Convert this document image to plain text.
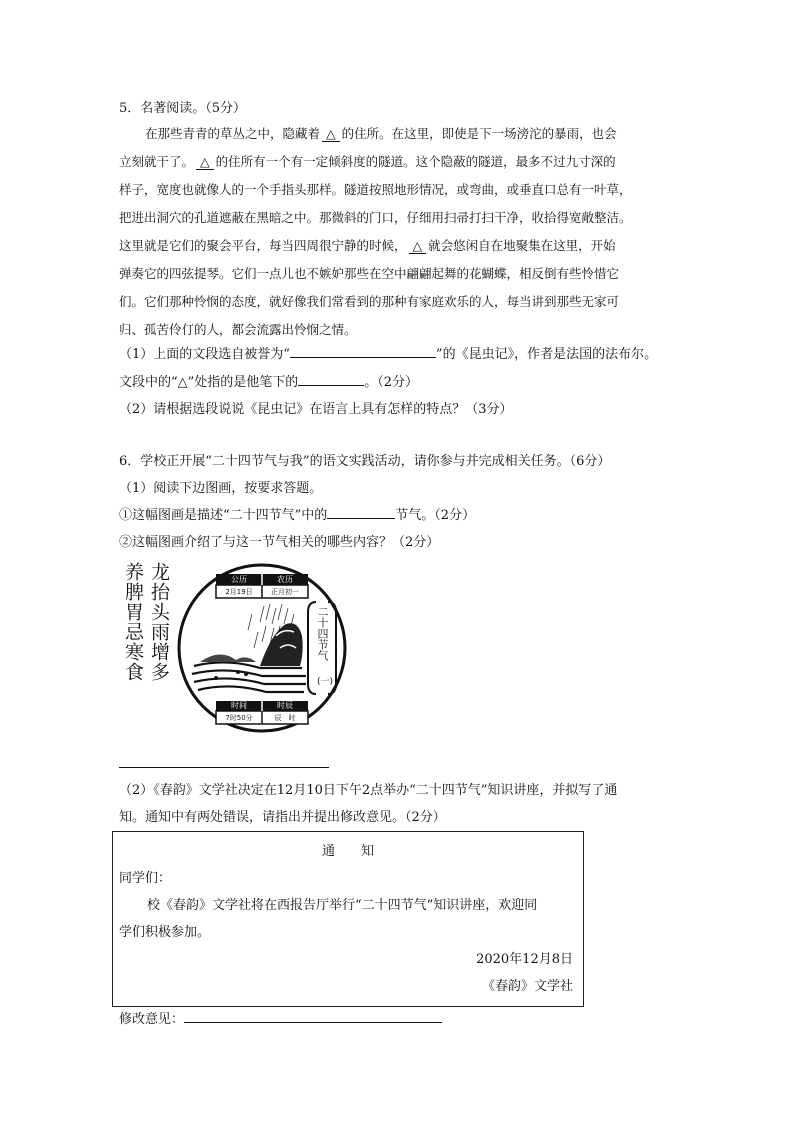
5．名著阅读。（5分）
在那些青青的草丛之中，隐藏着 △ 的住所。在这里，即使是下一场滂沱的暴雨，也会
立刻就干了。 △ 的住所有一个有一定倾斜度的隧道。这个隐蔽的隧道，最多不过九寸深的
样子，宽度也就像人的一个手指头那样。隧道按照地形情况，或弯曲，或垂直口总有一叶草，
把进出洞穴的孔道遮蔽在黑暗之中。那微斜的门口，仔细用扫帚打扫干净，收拾得宽敞整洁。
这里就是它们的聚会平台，每当四周很宁静的时候， △ 就会悠闲自在地聚集在这里，开始
弹奏它的四弦提琴。它们一点儿也不嫉妒那些在空中翩翩起舞的花蝴蝶，相反倒有些怜惜它
们。它们那种怜悯的态度，就好像我们常看到的那种有家庭欢乐的人，每当讲到那些无家可
归、孤苦伶仃的人，都会流露出怜悯之情。
（1）上面的文段选自被誉为“	”的《昆虫记》，作者是法国的法布尔。
文段中的“△”处指的是他笔下的	。（2分）
（2）请根据选段说说《昆虫记》在语言上具有怎样的特点？（3分）
6．学校正开展“二十四节气与我”的语文实践活动，请你参与并完成相关任务。（6分）
（1）阅读下边图画，按要求答题。
①这幅图画是描述“二十四节气”中的	节气。（2分）
②这幅图画介绍了与这一节气相关的哪些内容？（2分）
龙抬头雨增多
养脾胃忌寒食	公历	农历
2月19日	正月初一
时间	时辰
7时50分	辰　时
二十四节气
(一)
（2）《春韵》文学社决定在12月10日下午2点举办“二十四节气”知识讲座，并拟写了通
知。通知中有两处错误，请指出并提出修改意见。（2分）
通　　知
同学们：
校《春韵》文学社将在西报告厅举行“二十四节气”知识讲座，欢迎同
学们积极参加。
2020年12月8日
《春韵》文学社
修改意见：
